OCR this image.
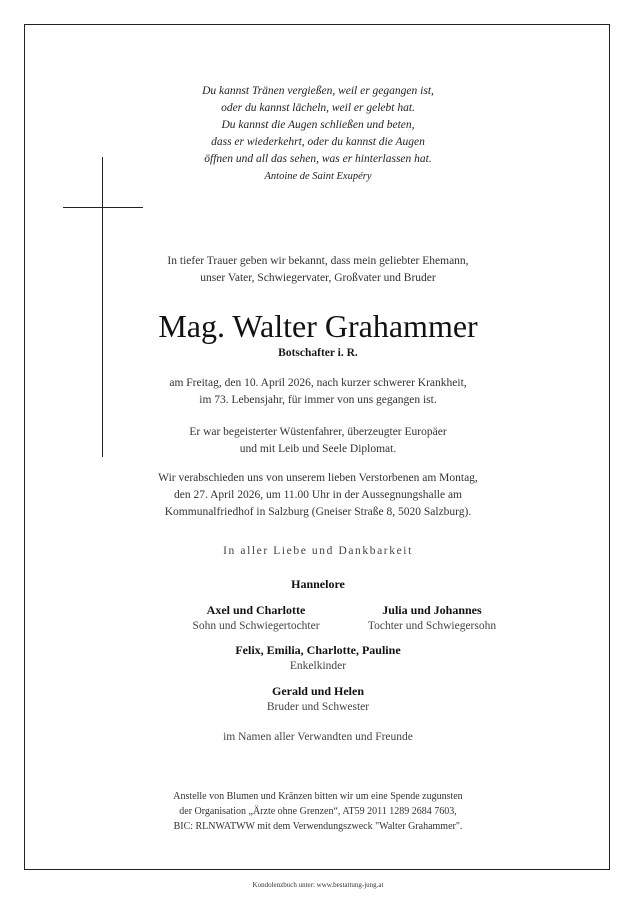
Du kannst Tränen vergießen, weil er gegangen ist,
oder du kannst lächeln, weil er gelebt hat.
Du kannst die Augen schließen und beten,
dass er wiederkehrt, oder du kannst die Augen
öffnen und all das sehen, was er hinterlassen hat.
Antoine de Saint Exupéry
In tiefer Trauer geben wir bekannt, dass mein geliebter Ehemann,
unser Vater, Schwiegervater, Großvater und Bruder
Mag. Walter Grahammer
Botschafter i. R.
am Freitag, den 10. April 2026, nach kurzer schwerer Krankheit,
im 73. Lebensjahr, für immer von uns gegangen ist.
Er war begeisterter Wüstenfahrer, überzeugter Europäer
und mit Leib und Seele Diplomat.
Wir verabschieden uns von unserem lieben Verstorbenen am Montag,
den 27. April 2026, um 11.00 Uhr in der Aussegnungshalle am
Kommunalfriedhof in Salzburg (Gneiser Straße 8, 5020 Salzburg).
In aller Liebe und Dankbarkeit
Hannelore
Axel und Charlotte
Sohn und Schwiegertochter
Julia und Johannes
Tochter und Schwiegersohn
Felix, Emilia, Charlotte, Pauline
Enkelkinder
Gerald und Helen
Bruder und Schwester
im Namen aller Verwandten und Freunde
Anstelle von Blumen und Kränzen bitten wir um eine Spende zugunsten
der Organisation „Ärzte ohne Grenzen“, AT59 2011 1289 2684 7603,
BIC: RLNWATWW mit dem Verwendungszweck "Walter Grahammer".
Kondolenzbuch unter: www.bestattung-jung.at
